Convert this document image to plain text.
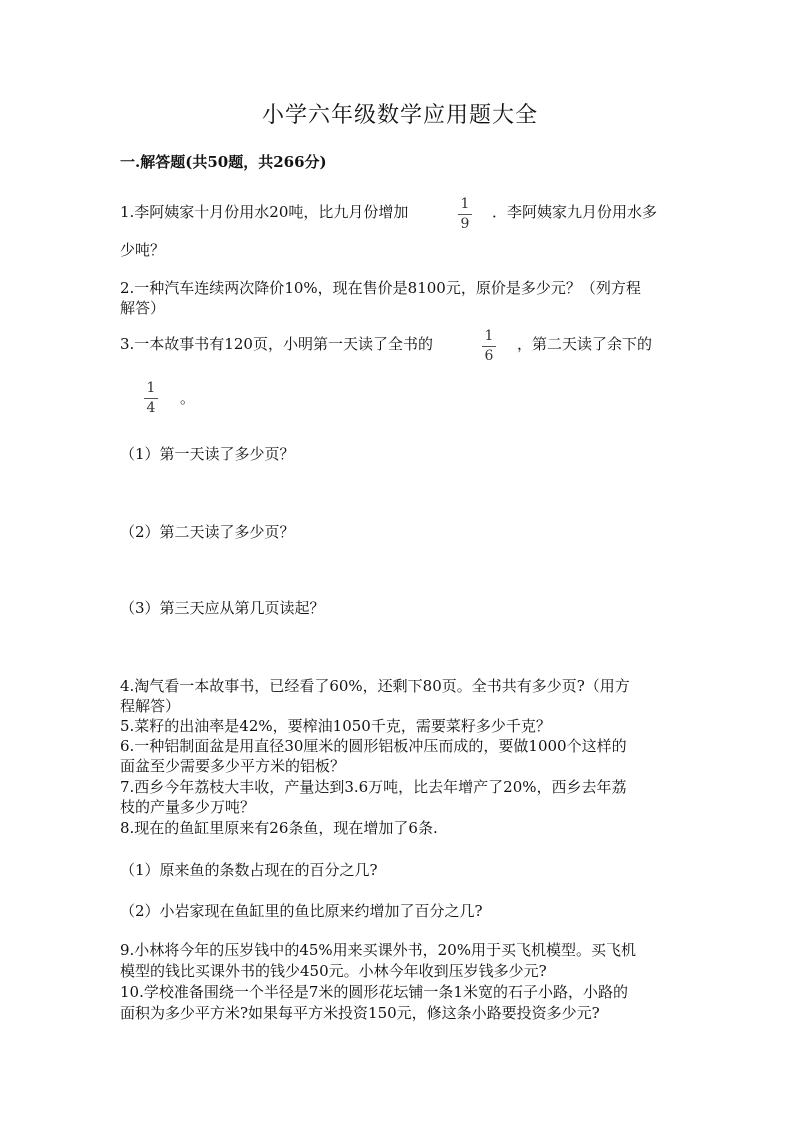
小学六年级数学应用题大全
一.解答题(共50题，共266分)
1.李阿姨家十月份用水20吨，比九月份增加	1
9
．李阿姨家九月份用水多
少吨？
2.一种汽车连续两次降价10%，现在售价是8100元，原价是多少元？（列方程
解答）
3.一本故事书有120页，小明第一天读了全书的	1
6
，第二天读了余下的
1
4
。
（1）第一天读了多少页？
（2）第二天读了多少页？
（3）第三天应从第几页读起？
4.淘气看一本故事书，已经看了60%，还剩下80页。全书共有多少页?（用方
程解答）
5.菜籽的出油率是42%，要榨油1050千克，需要菜籽多少千克？
6.一种铝制面盆是用直径30厘米的圆形铝板冲压而成的，要做1000个这样的
面盆至少需要多少平方米的铝板？
7.西乡今年荔枝大丰收，产量达到3.6万吨，比去年增产了20%，西乡去年荔
枝的产量多少万吨？
8.现在的鱼缸里原来有26条鱼，现在增加了6条.
（1）原来鱼的条数占现在的百分之几?
（2）小岩家现在鱼缸里的鱼比原来约增加了百分之几?
9.小林将今年的压岁钱中的45%用来买课外书，20%用于买飞机模型。买飞机
模型的钱比买课外书的钱少450元。小林今年收到压岁钱多少元?
10.学校准备围绕一个半径是7米的圆形花坛铺一条1米宽的石子小路，小路的
面积为多少平方米?如果每平方米投资150元，修这条小路要投资多少元?
